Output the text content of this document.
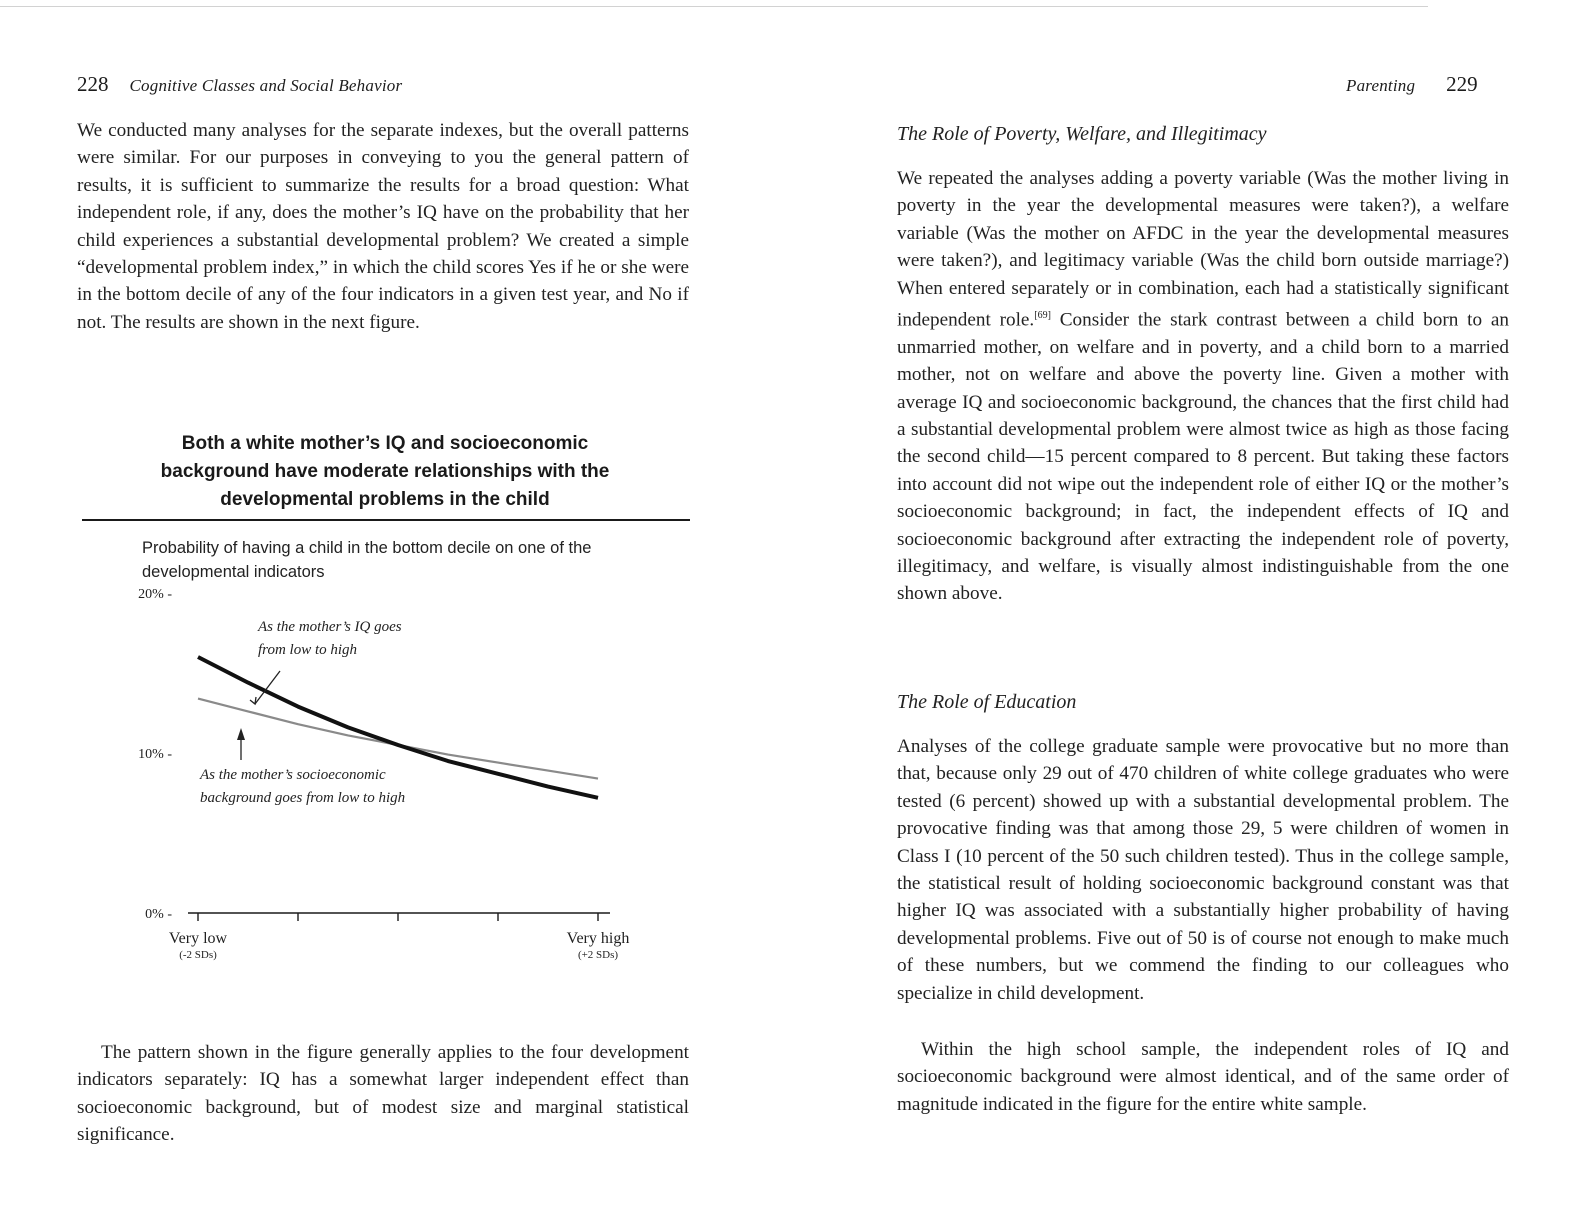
228 Cognitive Classes and Social Behavior

We conducted many analyses for the separate indexes, but the overall patterns were similar. For our purposes in conveying to you the general pattern of results, it is sufficient to summarize the results for a broad question: What independent role, if any, does the mother’s IQ have on the probability that her child experiences a substantial developmental problem? We created a simple “developmental problem index,” in which the child scores Yes if he or she were in the bottom decile of any of the four indicators in a given test year, and No if not. The results are shown in the next figure.

Both a white mother’s IQ and socioeconomic background have moderate relationships with the developmental problems in the child
Probability of having a child in the bottom decile on one of the developmental indicators
0% -
10% -
20% -
Very low
(-2 SDs)
Very high
(+2 SDs)
As the mother’s IQ goes from low to high
As the mother’s socioeconomic background goes from low to high

The pattern shown in the figure generally applies to the four development indicators separately: IQ has a somewhat larger independent effect than socioeconomic background, but of modest size and marginal statistical significance.

Parenting 229
The Role of Poverty, Welfare, and Illegitimacy

We repeated the analyses adding a poverty variable (Was the mother living in poverty in the year the developmental measures were taken?), a welfare variable (Was the mother on AFDC in the year the developmental measures were taken?), and legitimacy variable (Was the child born outside marriage?) When entered separately or in combination, each had a statistically significant independent role.[69] Consider the stark contrast between a child born to an unmarried mother, on welfare and in poverty, and a child born to a married mother, not on welfare and above the poverty line. Given a mother with average IQ and socioeconomic background, the chances that the first child had a substantial developmental problem were almost twice as high as those facing the second child—15 percent compared to 8 percent. But taking these factors into account did not wipe out the independent role of either IQ or the mother’s socioeconomic background; in fact, the independent effects of IQ and socioeconomic background after extracting the independent role of poverty, illegitimacy, and welfare, is visually almost indistinguishable from the one shown above.

The Role of Education

Analyses of the college graduate sample were provocative but no more than that, because only 29 out of 470 children of white college graduates who were tested (6 percent) showed up with a substantial developmental problem. The provocative finding was that among those 29, 5 were children of women in Class I (10 percent of the 50 such children tested). Thus in the college sample, the statistical result of holding socioeconomic background constant was that higher IQ was associated with a substantially higher probability of having developmental problems. Five out of 50 is of course not enough to make much of these numbers, but we commend the finding to our colleagues who specialize in child development.

Within the high school sample, the independent roles of IQ and socioeconomic background were almost identical, and of the same order of magnitude indicated in the figure for the entire white sample.
